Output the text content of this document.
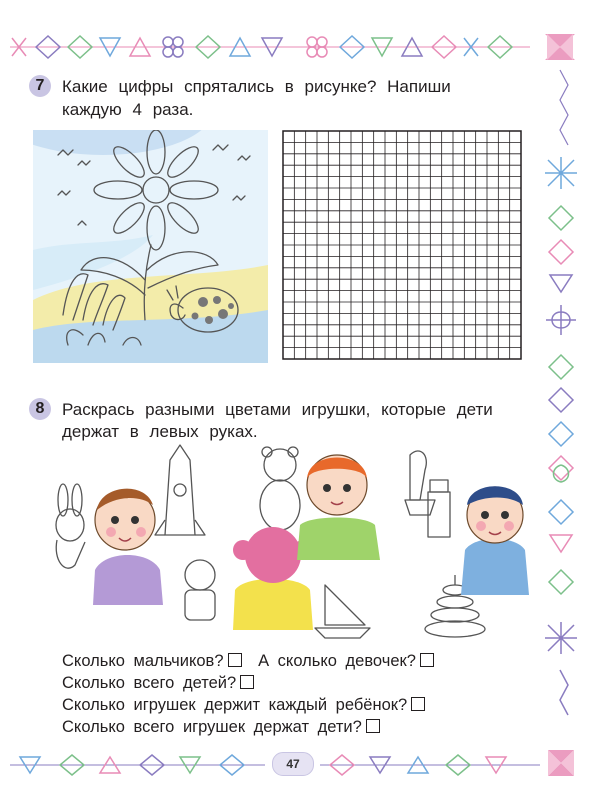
7	Какие цифры спрятались в рисунке? Напиши
каждую 4 раза.
8	Раскрась разными цветами игрушки, которые дети
держат в левых руках.
Сколько мальчиков? А сколько девочек?
Сколько всего детей?
Сколько игрушек держит каждый ребёнок?
Сколько всего игрушек держат дети?
47
